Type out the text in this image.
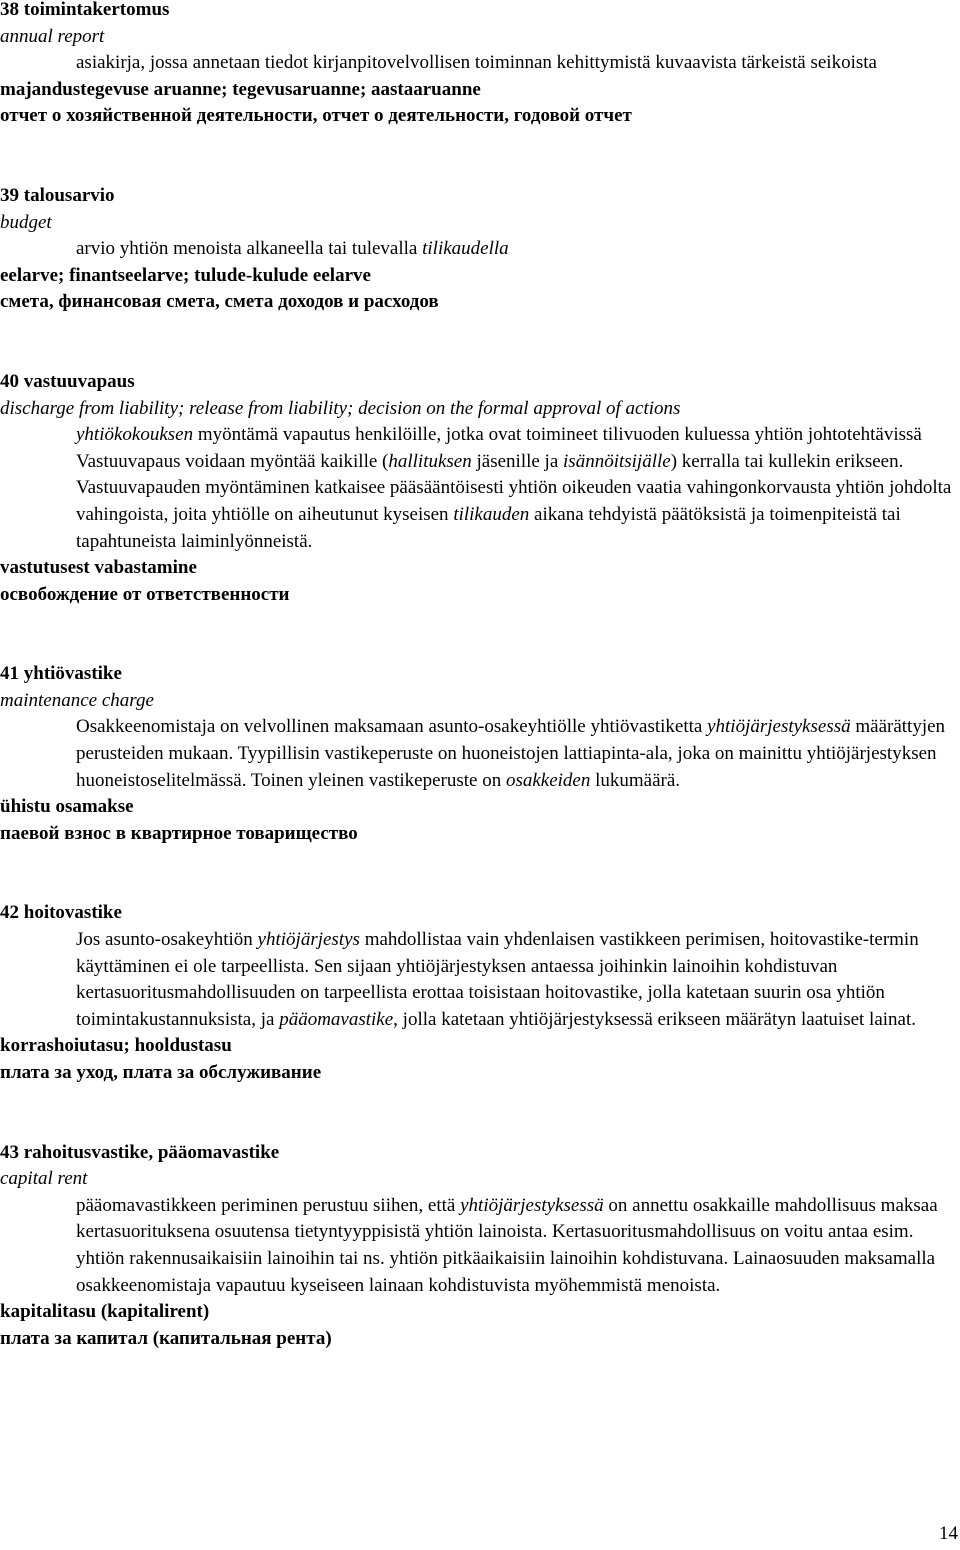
38 toimintakertomus
annual report
asiakirja, jossa annetaan tiedot kirjanpitovelvollisen toiminnan kehittymistä kuvaavista tärkeistä seikoista
majandustegevuse aruanne; tegevusaruanne; aastaaruanne
отчет о хозяйственной деятельности, отчет о деятельности, годовой отчет
39 talousarvio
budget
arvio yhtiön menoista alkaneella tai tulevalla tilikaudella
eelarve; finantseelarve; tulude-kulude eelarve
смета, финансовая смета, смета доходов и расходов
40 vastuuvapaus
discharge from liability; release from liability; decision on the formal approval of actions
yhtiökokouksen myöntämä vapautus henkilöille, jotka ovat toimineet tilivuoden kuluessa yhtiön johtotehtävissä
Vastuuvapaus voidaan myöntää kaikille (hallituksen jäsenille ja isännöitsijälle) kerralla tai kullekin erikseen. Vastuuvapauden myöntäminen katkaisee pääsääntöisesti yhtiön oikeuden vaatia vahingonkorvausta yhtiön johdolta vahingoista, joita yhtiölle on aiheutunut kyseisen tilikauden aikana tehdyistä päätöksistä ja toimenpiteistä tai tapahtuneista laiminlyönneistä.
vastutusest vabastamine
освобождение от ответственности
41 yhtiövastike
maintenance charge
Osakkeenomistaja on velvollinen maksamaan asunto-osakeyhtiölle yhtiövastiketta yhtiöjärjestyksessä määrättyjen perusteiden mukaan. Tyypillisin vastikeperuste on huoneistojen lattiapinta-ala, joka on mainittu yhtiöjärjestyksen huoneistoselitelmässä. Toinen yleinen vastikeperuste on osakkeiden lukumäärä.
ühistu osamakse
паевой взнос в квартирное товарищество
42 hoitovastike
Jos asunto-osakeyhtiön yhtiöjärjestys mahdollistaa vain yhdenlaisen vastikkeen perimisen, hoitovastike-termin käyttäminen ei ole tarpeellista. Sen sijaan yhtiöjärjestyksen antaessa joihinkin lainoihin kohdistuvan kertasuoritusmahdollisuuden on tarpeellista erottaa toisistaan hoitovastike, jolla katetaan suurin osa yhtiön toimintakustannuksista, ja pääomavastike, jolla katetaan yhtiöjärjestyksessä erikseen määrätyn laatuiset lainat.
korrashoiutasu; hooldustasu
плата за уход, плата за обслуживание
43 rahoitusvastike, pääomavastike
capital rent
pääomavastikkeen periminen perustuu siihen, että yhtiöjärjestyksessä on annettu osakkaille mahdollisuus maksaa kertasuorituksena osuutensa tietyntyyppisistä yhtiön lainoista. Kertasuoritusmahdollisuus on voitu antaa esim. yhtiön rakennusaikaisiin lainoihin tai ns. yhtiön pitkäaikaisiin lainoihin kohdistuvana. Lainaosuuden maksamalla osakkeenomistaja vapautuu kyseiseen lainaan kohdistuvista myöhemmistä menoista.
kapitalitasu (kapitalirent)
плата за капитал (капитальная рента)
14
